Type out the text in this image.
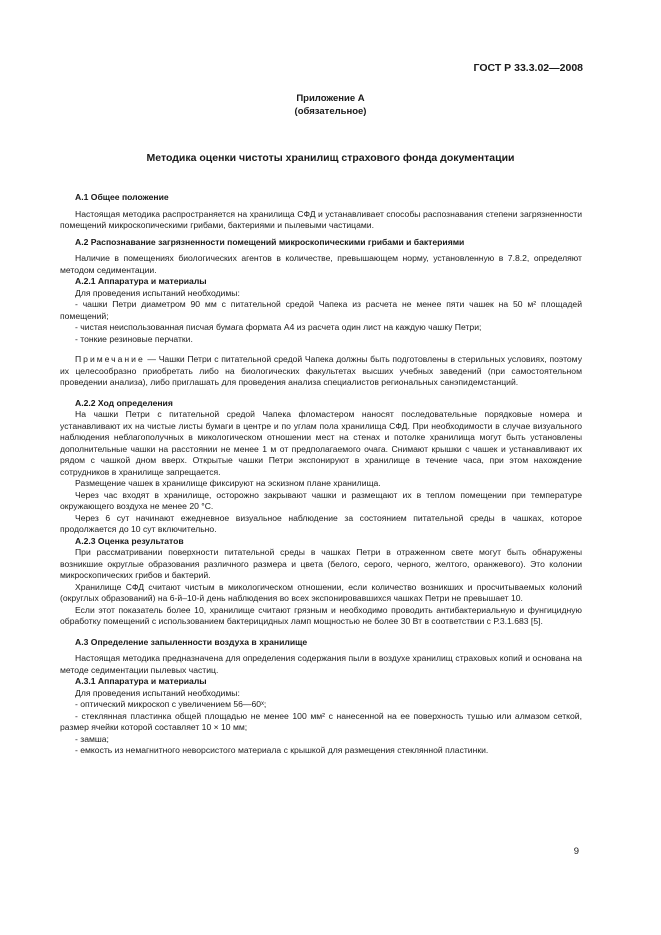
ГОСТ Р 33.3.02—2008
Приложение А
(обязательное)
Методика оценки чистоты хранилищ страхового фонда документации

А.1 Общее положение

Настоящая методика распространяется на хранилища СФД и устанавливает способы распознавания степени загрязненности помещений микроскопическими грибами, бактериями и пылевыми частицами.

А.2 Распознавание загрязненности помещений микроскопическими грибами и бактериями

Наличие в помещениях биологических агентов в количестве, превышающем норму, установленную в 7.8.2, определяют методом седиментации.

А.2.1 Аппаратура и материалы

Для проведения испытаний необходимы:

- чашки Петри диаметром 90 мм с питательной средой Чапека из расчета не менее пяти чашек на 50 м² площадей помещений;

- чистая неиспользованная писчая бумага формата А4 из расчета один лист на каждую чашку Петри;

- тонкие резиновые перчатки.

Примечание — Чашки Петри с питательной средой Чапека должны быть подготовлены в стерильных условиях, поэтому их целесообразно приобретать либо на биологических факультетах высших учебных заведений (при самостоятельном проведении анализа), либо приглашать для проведения анализа специалистов региональных санэпидемстанций.

А.2.2 Ход определения

На чашки Петри с питательной средой Чапека фломастером наносят последовательные порядковые номера и устанавливают их на чистые листы бумаги в центре и по углам пола хранилища СФД. При необходимости в случае визуального наблюдения неблагополучных в микологическом отношении мест на стенах и потолке хранилища могут быть установлены дополнительные чашки на расстоянии не менее 1 м от предполагаемого очага. Снимают крышки с чашек и устанавливают их рядом с чашкой дном вверх. Открытые чашки Петри экспонируют в хранилище в течение часа, при этом нахождение сотрудников в хранилище запрещается.

Размещение чашек в хранилище фиксируют на эскизном плане хранилища.

Через час входят в хранилище, осторожно закрывают чашки и размещают их в теплом помещении при температуре окружающего воздуха не менее 20 °С.

Через 6 сут начинают ежедневное визуальное наблюдение за состоянием питательной среды в чашках, которое продолжается до 10 сут включительно.

А.2.3 Оценка результатов

При рассматривании поверхности питательной среды в чашках Петри в отраженном свете могут быть обнаружены возникшие округлые образования различного размера и цвета (белого, серого, черного, желтого, оранжевого). Это колонии микроскопических грибов и бактерий.

Хранилище СФД считают чистым в микологическом отношении, если количество возникших и просчитываемых колоний (округлых образований) на 6-й–10-й день наблюдения во всех экспонировавшихся чашках Петри не превышает 10.

Если этот показатель более 10, хранилище считают грязным и необходимо проводить антибактериальную и фунгицидную обработку помещений с использованием бактерицидных ламп мощностью не более 30 Вт в соответствии с Р.3.1.683 [5].

А.3 Определение запыленности воздуха в хранилище

Настоящая методика предназначена для определения содержания пыли в воздухе хранилищ страховых копий и основана на методе седиментации пылевых частиц.

А.3.1 Аппаратура и материалы

Для проведения испытаний необходимы:

- оптический микроскоп с увеличением 56—60ˣ;

- стеклянная пластинка общей площадью не менее 100 мм² с нанесенной на ее поверхность тушью или алмазом сеткой, размер ячейки которой составляет 10 × 10 мм;

- замша;

- емкость из немагнитного неворсистого материала с крышкой для размещения стеклянной пластинки.

9
